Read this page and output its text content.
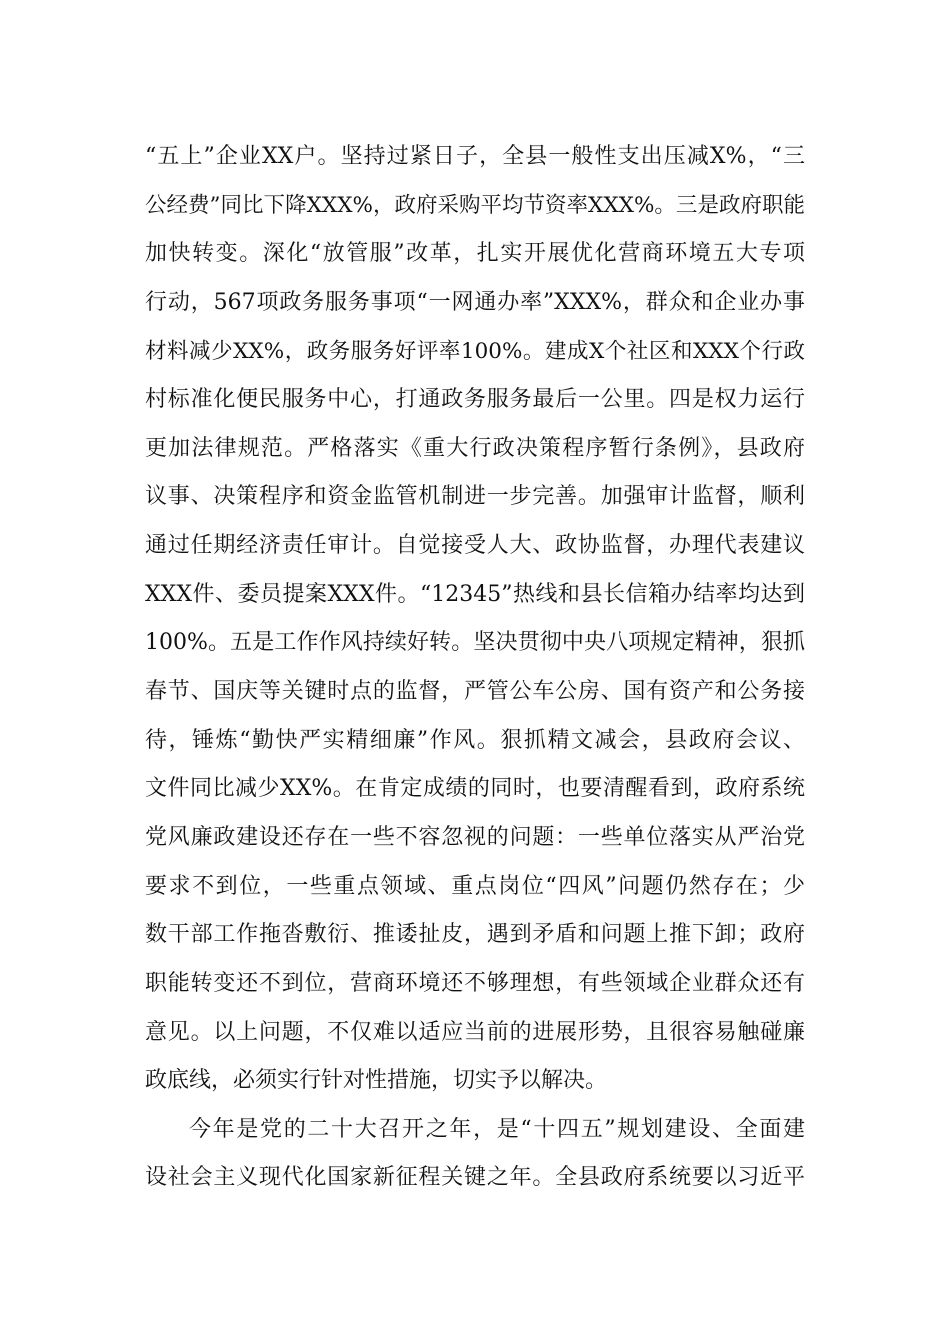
“五上”企业XX户。坚持过紧日子，全县一般性支出压减X%，“三
公经费”同比下降XXX%，政府采购平均节资率XXX%。三是政府职能
加快转变。深化“放管服”改革，扎实开展优化营商环境五大专项
行动，567项政务服务事项“一网通办率”XXX%，群众和企业办事
材料减少XX%，政务服务好评率100%。建成X个社区和XXX个行政
村标准化便民服务中心，打通政务服务最后一公里。四是权力运行
更加法律规范。严格落实《重大行政决策程序暂行条例》，县政府
议事、决策程序和资金监管机制进一步完善。加强审计监督，顺利
通过任期经济责任审计。自觉接受人大、政协监督，办理代表建议
XXX件、委员提案XXX件。“12345”热线和县长信箱办结率均达到
100%。五是工作作风持续好转。坚决贯彻中央八项规定精神，狠抓
春节、国庆等关键时点的监督，严管公车公房、国有资产和公务接
待，锤炼“勤快严实精细廉”作风。狠抓精文减会，县政府会议、
文件同比减少XX%。在肯定成绩的同时，也要清醒看到，政府系统
党风廉政建设还存在一些不容忽视的问题：一些单位落实从严治党
要求不到位，一些重点领域、重点岗位“四风”问题仍然存在；少
数干部工作拖沓敷衍、推诿扯皮，遇到矛盾和问题上推下卸；政府
职能转变还不到位，营商环境还不够理想，有些领域企业群众还有
意见。以上问题，不仅难以适应当前的进展形势，且很容易触碰廉
政底线，必须实行针对性措施，切实予以解决。
今年是党的二十大召开之年，是“十四五”规划建设、全面建
设社会主义现代化国家新征程关键之年。全县政府系统要以习近平
